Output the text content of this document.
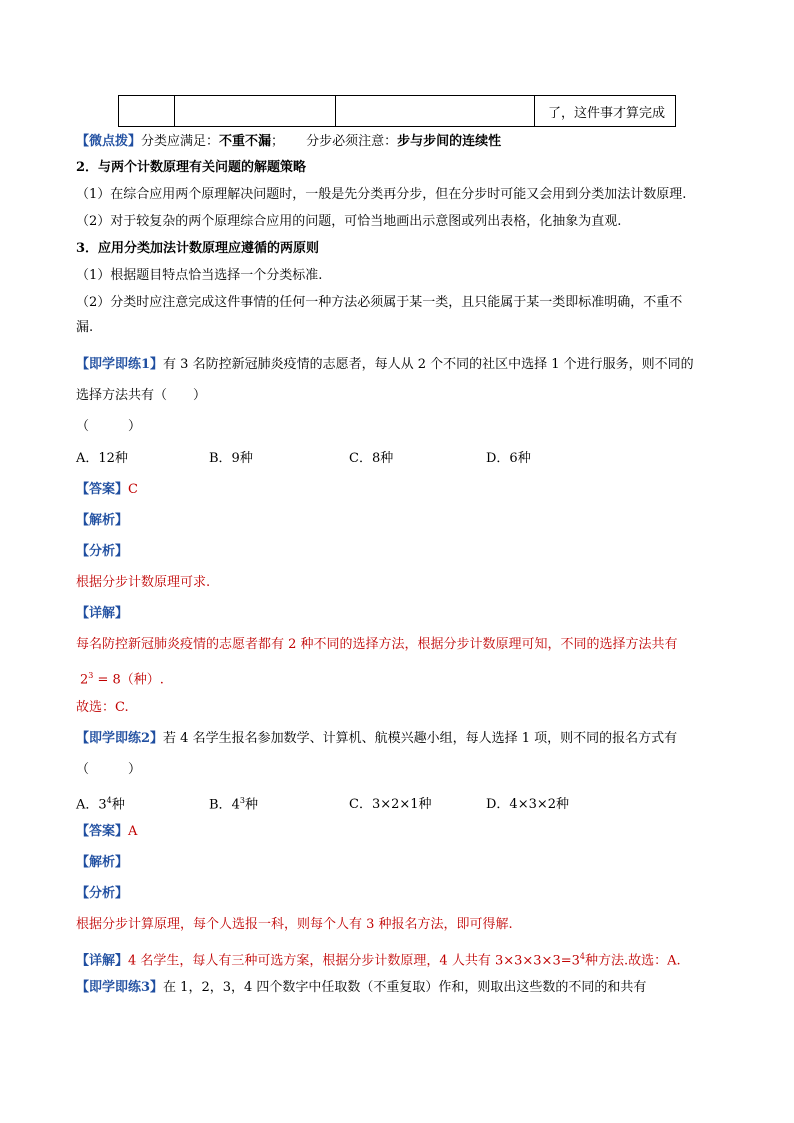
			了，这件事才算完成
【微点拨】分类应满足：不重不漏； 分步必须注意：步与步间的连续性
2．与两个计数原理有关问题的解题策略
（1）在综合应用两个原理解决问题时，一般是先分类再分步，但在分步时可能又会用到分类加法计数原理.
（2）对于较复杂的两个原理综合应用的问题，可恰当地画出示意图或列出表格，化抽象为直观.
3．应用分类加法计数原理应遵循的两原则
（1）根据题目特点恰当选择一个分类标准.
（2）分类时应注意完成这件事情的任何一种方法必须属于某一类，且只能属于某一类即标准明确，不重不
漏.
【即学即练1】有 3 名防控新冠肺炎疫情的志愿者，每人从 2 个不同的社区中选择 1 个进行服务，则不同的
选择方法共有（　　）
（　　　）
A．12种	B．9种	C．8种	D．6种
【答案】C
【解析】
【分析】
根据分步计数原理可求.
【详解】
每名防控新冠肺炎疫情的志愿者都有 2 种不同的选择方法，根据分步计数原理可知，不同的选择方法共有
$2^3 = 8$（种）.
故选：C.
【即学即练2】若 4 名学生报名参加数学、计算机、航模兴趣小组，每人选择 1 项，则不同的报名方式有
（　　　）
A．$3^4$种	B．$4^3$种	C．3×2×1种	D．4×3×2种
【答案】A
【解析】
【分析】
根据分步计算原理，每个人选报一科，则每个人有 3 种报名方法，即可得解.
【详解】4 名学生，每人有三种可选方案，根据分步计数原理，4 人共有 $3\times 3\times 3\times 3=3^4$种方法.故选：A.
【即学即练3】在 1，2，3，4 四个数字中任取数（不重复取）作和，则取出这些数的不同的和共有
